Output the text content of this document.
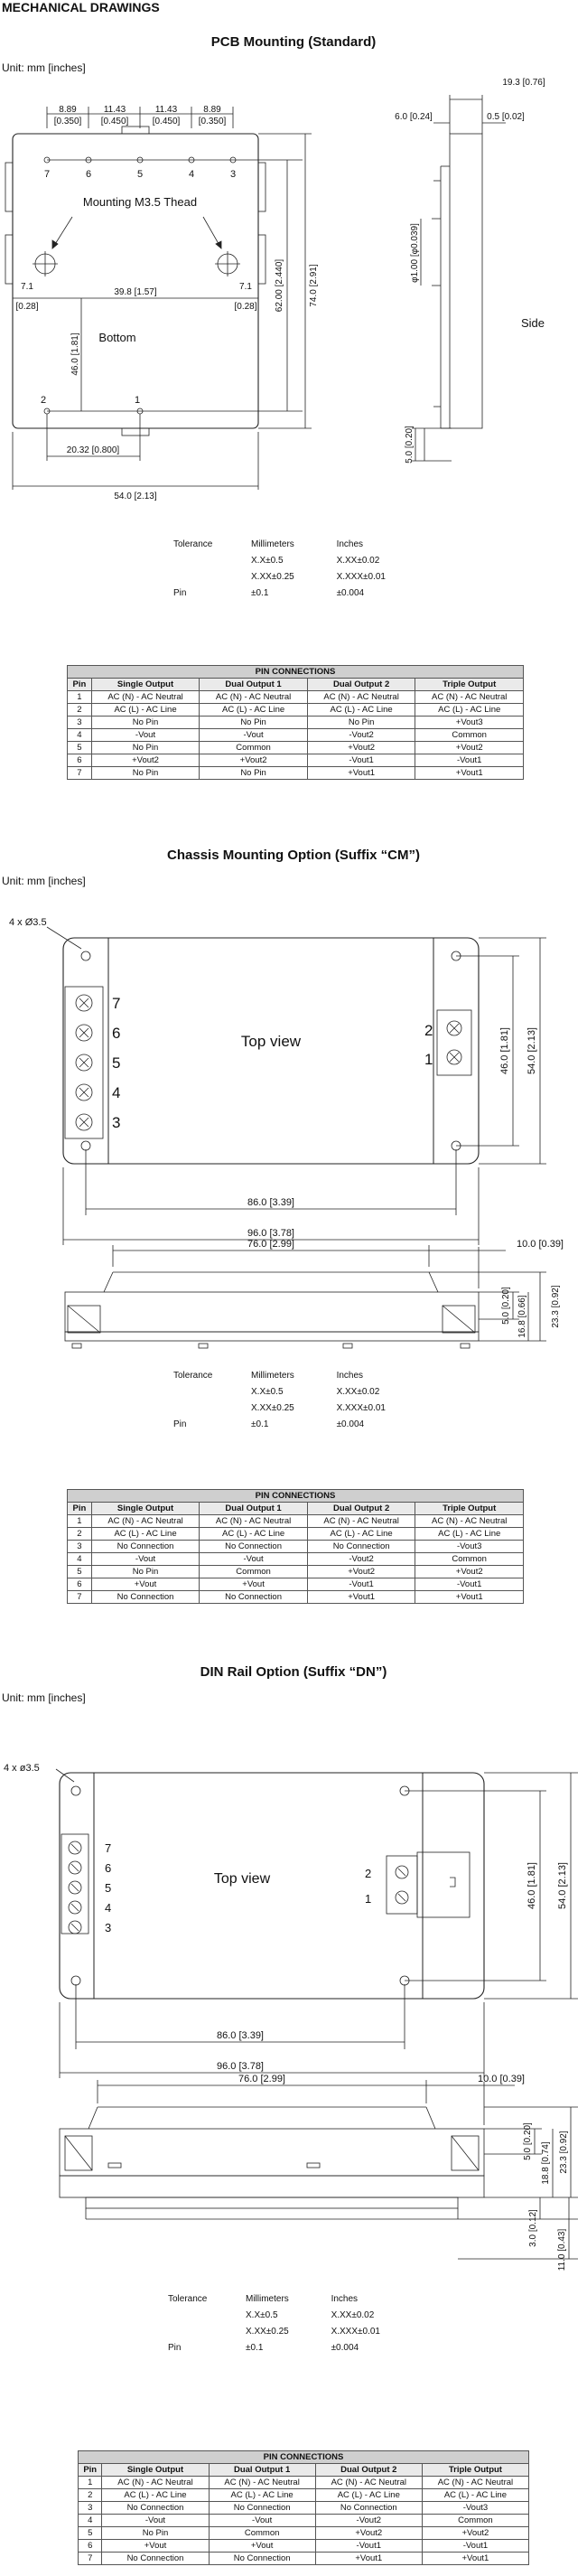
MECHANICAL DRAWINGS
PCB Mounting (Standard)
Unit: mm [inches]
8.89
[0.350]
11.43
[0.450]
11.43
[0.450]
8.89
[0.350]
7	6	5	4	3
2	1
Mounting M3.5 Thead
7.1
[0.28]
39.8 [1.57]
7.1
[0.28]
Bottom
46.0 [1.81]
62.00 [2.440]	74.0 [2.91]
20.32 [0.800]
54.0 [2.13]
19.3 [0.76]
6.0 [0.24]	0.5 [0.02]
φ1.00 [φ0.039]
5.0 [0.20]
Side
Tolerance	Millimeters	Inches
	X.X±0.5	X.XX±0.02
	X.XX±0.25	X.XXX±0.01
Pin	±0.1	±0.004
PIN CONNECTIONS				
Pin	Single Output	Dual Output 1	Dual Output 2	Triple Output
1	AC (N) - AC Neutral	AC (N) - AC Neutral	AC (N) - AC Neutral	AC (N) - AC Neutral
2	AC (L) - AC Line	AC (L) - AC Line	AC (L) - AC Line	AC (L) - AC Line
3	No Pin	No Pin	No Pin	+Vout3
4	-Vout	-Vout	-Vout2	Common
5	No Pin	Common	+Vout2	+Vout2
6	+Vout2	+Vout2	-Vout1	-Vout1
7	No Pin	No Pin	+Vout1	+Vout1
Chassis Mounting Option (Suffix “CM”)
Unit: mm [inches]
4 x Ø3.5
7
6
5
4
3
2
1
Top view	46.0 [1.81] 54.0 [2.13]
86.0 [3.39]
96.0 [3.78]
76.0 [2.99]	10.0 [0.39]
5.0 [0.20] 16.8 [0.66]	23.3 [0.92]
Tolerance	Millimeters	Inches
	X.X±0.5	X.XX±0.02
	X.XX±0.25	X.XXX±0.01
Pin	±0.1	±0.004
PIN CONNECTIONS				
Pin	Single Output	Dual Output 1	Dual Output 2	Triple Output
1	AC (N) - AC Neutral	AC (N) - AC Neutral	AC (N) - AC Neutral	AC (N) - AC Neutral
2	AC (L) - AC Line	AC (L) - AC Line	AC (L) - AC Line	AC (L) - AC Line
3	No Connection	No Connection	No Connection	-Vout3
4	-Vout	-Vout	-Vout2	Common
5	No Pin	Common	+Vout2	+Vout2
6	+Vout	+Vout	-Vout1	-Vout1
7	No Connection	No Connection	+Vout1	+Vout1
DIN Rail Option (Suffix “DN”)
Unit: mm [inches]
4 x ø3.5
7
6
5
4
3
2
1
Top view	46.0 [1.81] 54.0 [2.13]
86.0 [3.39]
96.0 [3.78]
76.0 [2.99]	10.0 [0.39]
5.0 [0.20]
18.8 [0.74] 23.3 [0.92]
3.0 [0.12]
11.0 [0.43]
Tolerance	Millimeters	Inches
	X.X±0.5	X.XX±0.02
	X.XX±0.25	X.XXX±0.01
Pin	±0.1	±0.004
PIN CONNECTIONS				
Pin	Single Output	Dual Output 1	Dual Output 2	Triple Output
1	AC (N) - AC Neutral	AC (N) - AC Neutral	AC (N) - AC Neutral	AC (N) - AC Neutral
2	AC (L) - AC Line	AC (L) - AC Line	AC (L) - AC Line	AC (L) - AC Line
3	No Connection	No Connection	No Connection	-Vout3
4	-Vout	-Vout	-Vout2	Common
5	No Pin	Common	+Vout2	+Vout2
6	+Vout	+Vout	-Vout1	-Vout1
7	No Connection	No Connection	+Vout1	+Vout1
